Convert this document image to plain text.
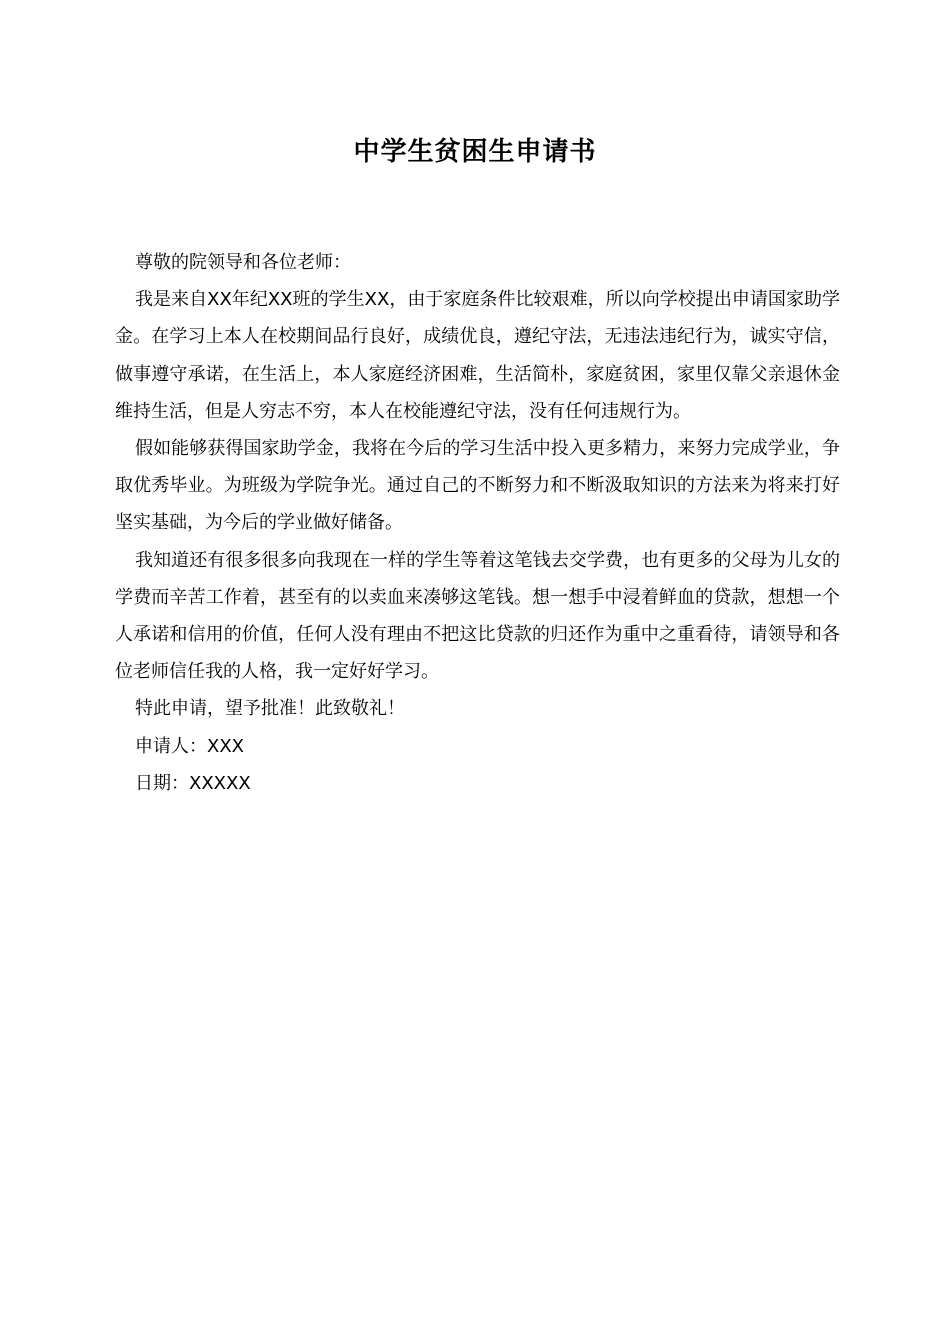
中学生贫困生申请书

尊敬的院领导和各位老师：

我是来自XX年纪XX班的学生XX，由于家庭条件比较艰难，所以向学校提出申请国家助学金。在学习上本人在校期间品行良好，成绩优良，遵纪守法，无违法违纪行为，诚实守信，做事遵守承诺，在生活上，本人家庭经济困难，生活简朴，家庭贫困，家里仅靠父亲退休金维持生活，但是人穷志不穷，本人在校能遵纪守法，没有任何违规行为。

假如能够获得国家助学金，我将在今后的学习生活中投入更多精力，来努力完成学业，争取优秀毕业。为班级为学院争光。通过自己的不断努力和不断汲取知识的方法来为将来打好坚实基础，为今后的学业做好储备。

我知道还有很多很多向我现在一样的学生等着这笔钱去交学费，也有更多的父母为儿女的学费而辛苦工作着，甚至有的以卖血来凑够这笔钱。想一想手中浸着鲜血的贷款，想想一个人承诺和信用的价值，任何人没有理由不把这比贷款的归还作为重中之重看待，请领导和各位老师信任我的人格，我一定好好学习。

特此申请，望予批准！此致敬礼！

申请人：XXX

日期：XXXXX
